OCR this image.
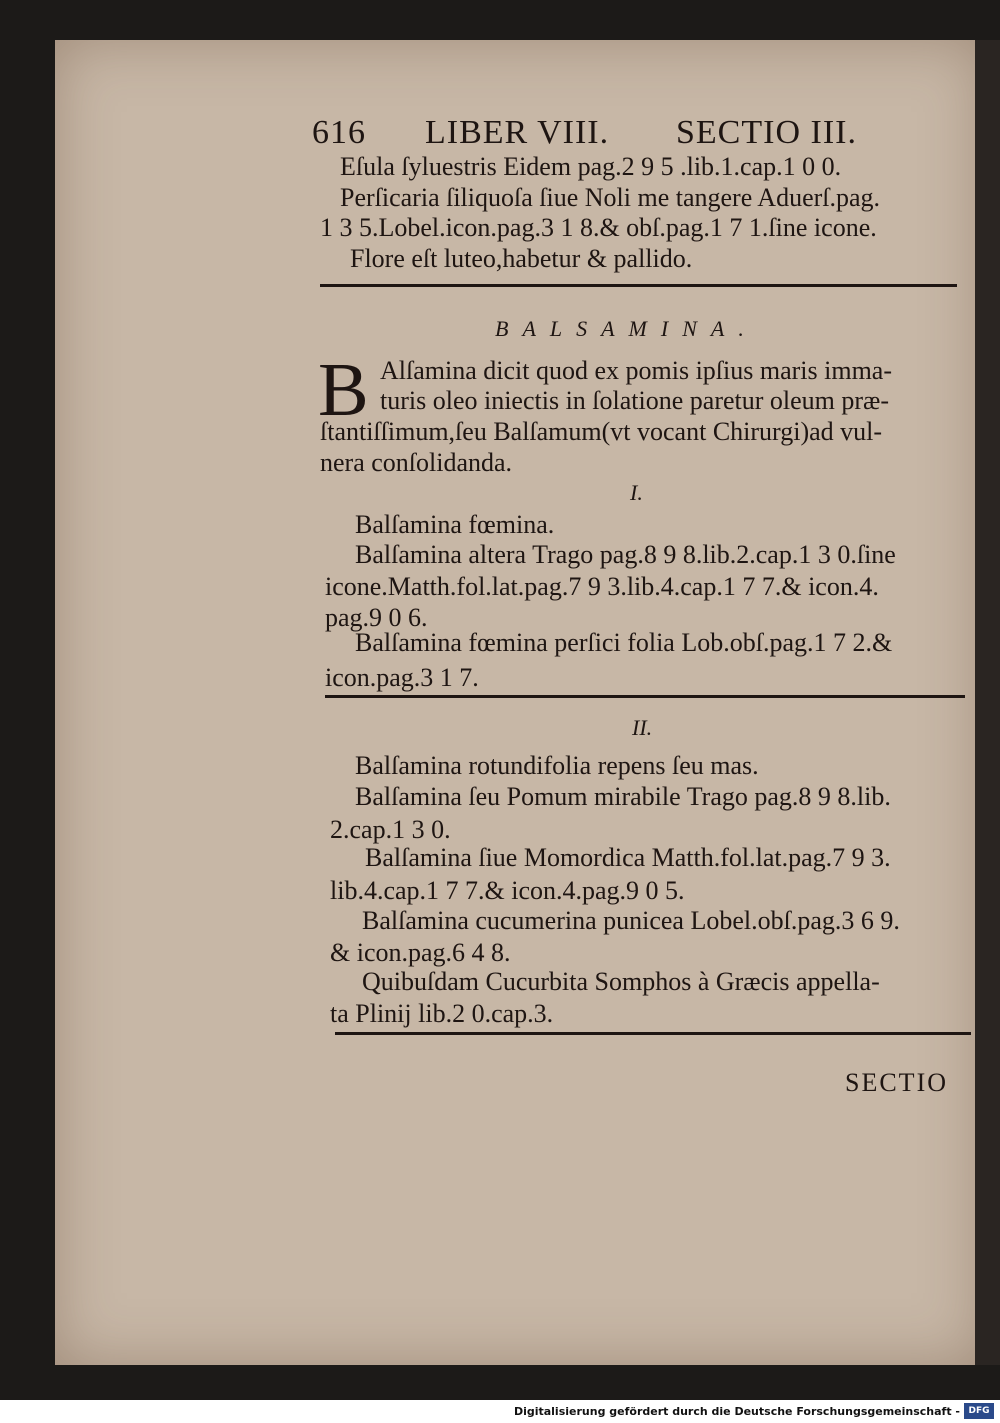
616 LIBER VIII. SECTIO III.
Eſula ſyluestris Eidem pag.2 9 5 .lib.1.cap.1 0 0.
Perſicaria ſiliquoſa ſiue Noli me tangere Aduerſ.pag.
1 3 5.Lobel.icon.pag.3 1 8.& obſ.pag.1 7 1.ſine icone.
Flore eſt luteo,habetur & pallido.
BALSAMINA.
B Alſamina dicit quod ex pomis ipſius maris imma-
turis oleo iniectis in ſolatione paretur oleum præ-
ſtantiſſimum,ſeu Balſamum(vt vocant Chirurgi)ad vul-
nera conſolidanda.
I.
Balſamina fœmina.
Balſamina altera Trago pag.8 9 8.lib.2.cap.1 3 0.ſine
icone.Matth.fol.lat.pag.7 9 3.lib.4.cap.1 7 7.& icon.4.
pag.9 0 6.
Balſamina fœmina perſici folia Lob.obſ.pag.1 7 2.&
icon.pag.3 1 7.
II.
Balſamina rotundifolia repens ſeu mas.
Balſamina ſeu Pomum mirabile Trago pag.8 9 8.lib.
2.cap.1 3 0.
Balſamina ſiue Momordica Matth.fol.lat.pag.7 9 3.
lib.4.cap.1 7 7.& icon.4.pag.9 0 5.
Balſamina cucumerina punicea Lobel.obſ.pag.3 6 9.
& icon.pag.6 4 8.
Quibuſdam Cucurbita Somphos à Græcis appella-
ta Plinij lib.2 0.cap.3.
SECTIO
Digitalisierung gefördert durch die Deutsche Forschungsgemeinschaft - DFG
